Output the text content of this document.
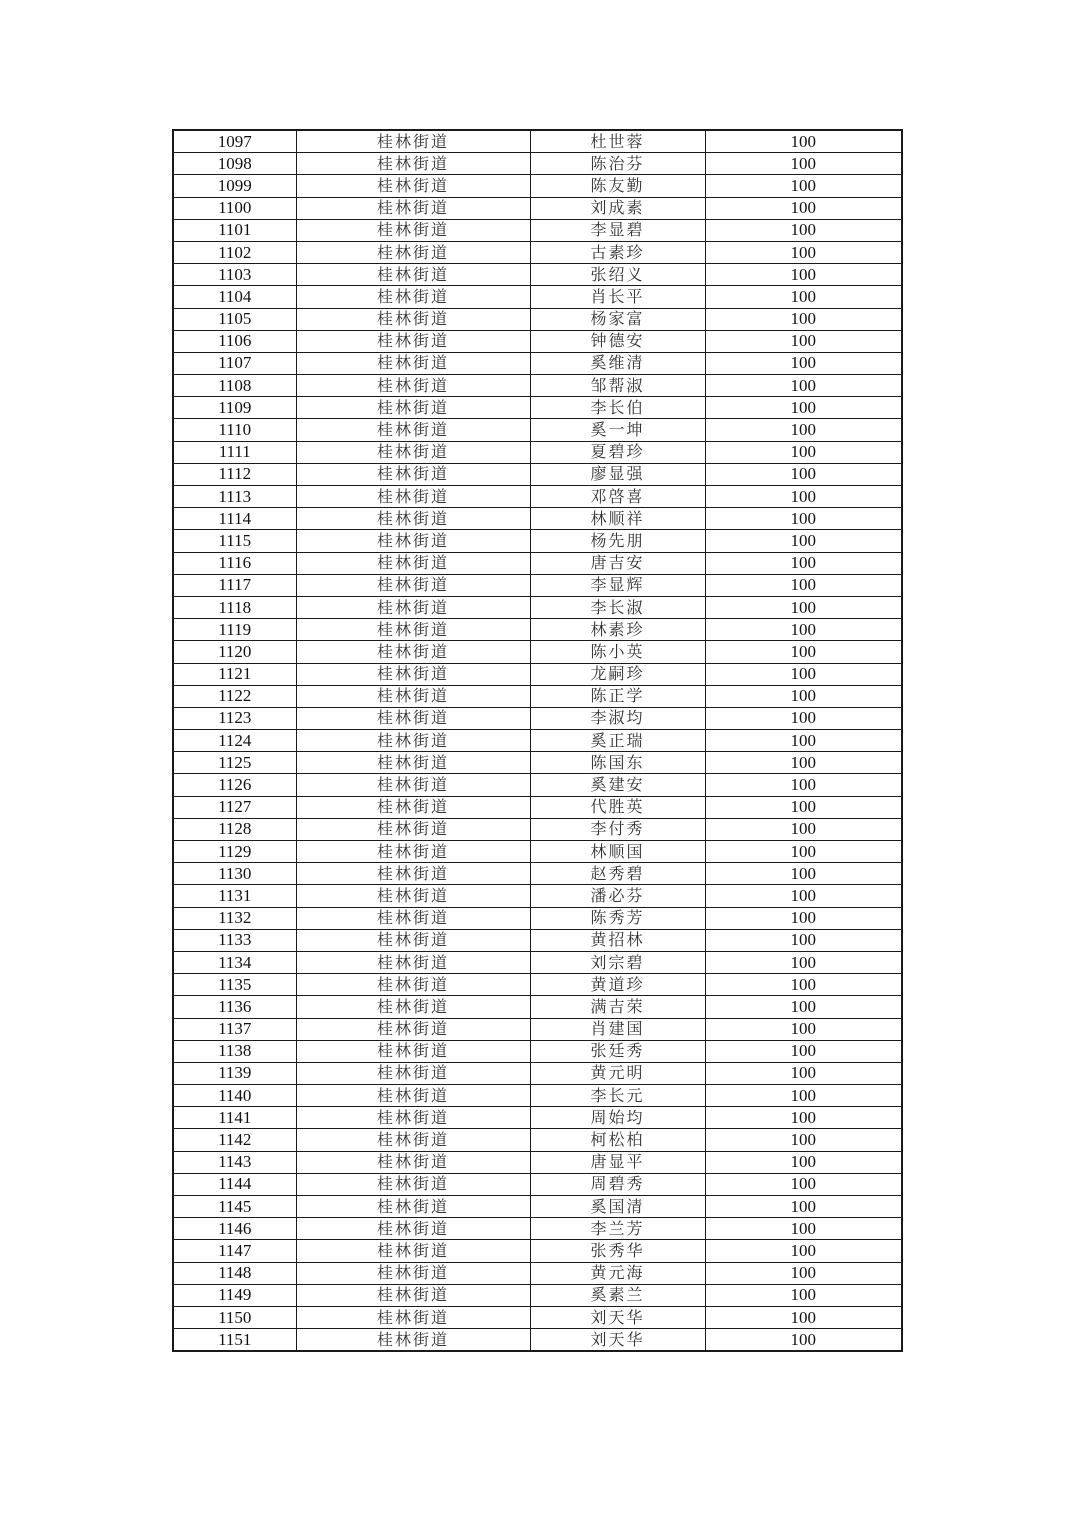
1097	桂林街道	杜世蓉	100
1098	桂林街道	陈治芬	100
1099	桂林街道	陈友勤	100
1100	桂林街道	刘成素	100
1101	桂林街道	李显碧	100
1102	桂林街道	古素珍	100
1103	桂林街道	张绍义	100
1104	桂林街道	肖长平	100
1105	桂林街道	杨家富	100
1106	桂林街道	钟德安	100
1107	桂林街道	奚维清	100
1108	桂林街道	邹帮淑	100
1109	桂林街道	李长伯	100
1110	桂林街道	奚一坤	100
1111	桂林街道	夏碧珍	100
1112	桂林街道	廖显强	100
1113	桂林街道	邓啓喜	100
1114	桂林街道	林顺祥	100
1115	桂林街道	杨先朋	100
1116	桂林街道	唐吉安	100
1117	桂林街道	李显辉	100
1118	桂林街道	李长淑	100
1119	桂林街道	林素珍	100
1120	桂林街道	陈小英	100
1121	桂林街道	龙嗣珍	100
1122	桂林街道	陈正学	100
1123	桂林街道	李淑均	100
1124	桂林街道	奚正瑞	100
1125	桂林街道	陈国东	100
1126	桂林街道	奚建安	100
1127	桂林街道	代胜英	100
1128	桂林街道	李付秀	100
1129	桂林街道	林顺国	100
1130	桂林街道	赵秀碧	100
1131	桂林街道	潘必芬	100
1132	桂林街道	陈秀芳	100
1133	桂林街道	黄招林	100
1134	桂林街道	刘宗碧	100
1135	桂林街道	黄道珍	100
1136	桂林街道	满吉荣	100
1137	桂林街道	肖建国	100
1138	桂林街道	张廷秀	100
1139	桂林街道	黄元明	100
1140	桂林街道	李长元	100
1141	桂林街道	周始均	100
1142	桂林街道	柯松柏	100
1143	桂林街道	唐显平	100
1144	桂林街道	周碧秀	100
1145	桂林街道	奚国清	100
1146	桂林街道	李兰芳	100
1147	桂林街道	张秀华	100
1148	桂林街道	黄元海	100
1149	桂林街道	奚素兰	100
1150	桂林街道	刘天华	100
1151	桂林街道	刘天华	100
